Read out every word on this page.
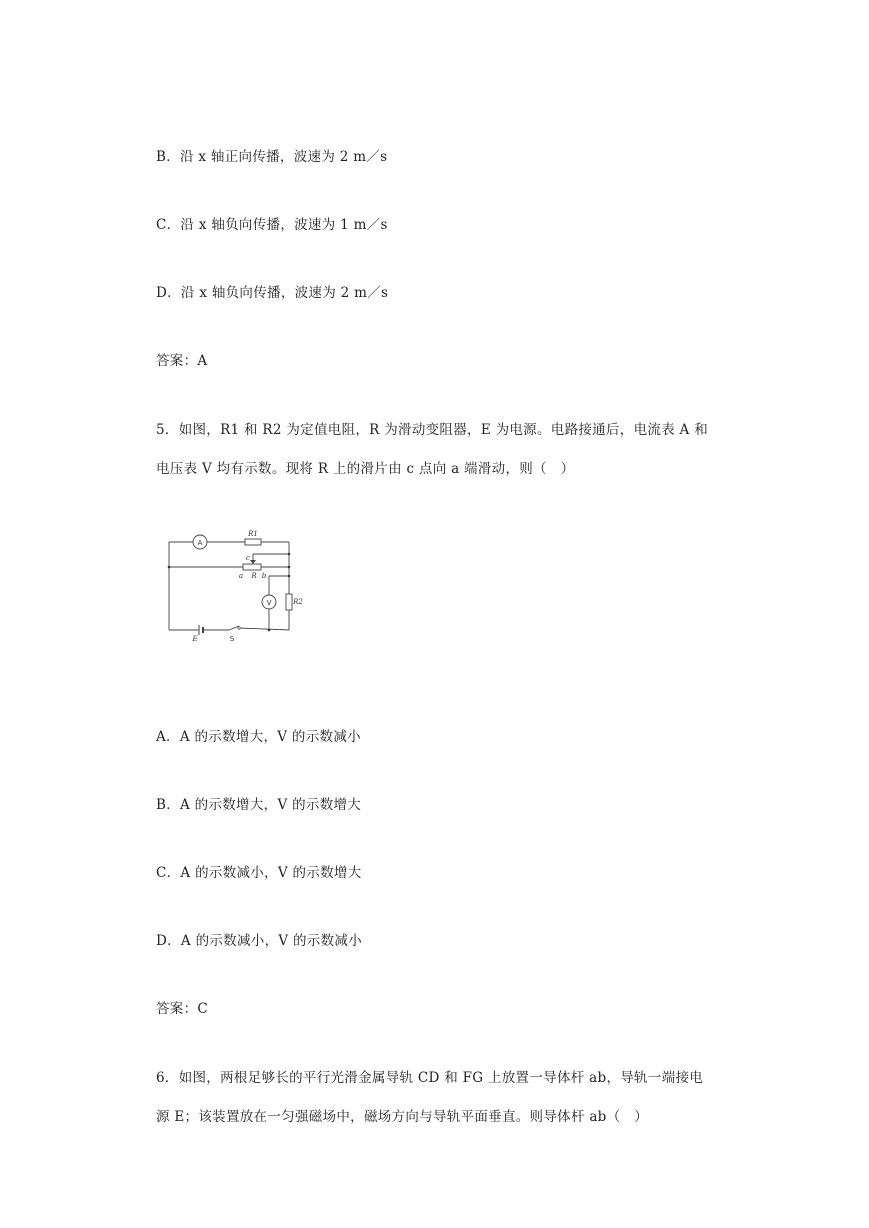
B．沿 x 轴正向传播，波速为 2 m／s
C．沿 x 轴负向传播，波速为 1 m／s
D．沿 x 轴负向传播，波速为 2 m／s
答案：A
5．如图，R1 和 R2 为定值电阻，R 为滑动变阻器，E 为电源。电路接通后，电流表 A 和
电压表 V 均有示数。现将 R 上的滑片由 c 点向 a 端滑动，则（　）
A
V
R1
R2
R
a	b
c
E	S
A．A 的示数增大，V 的示数减小
B．A 的示数增大，V 的示数增大
C．A 的示数减小，V 的示数增大
D．A 的示数减小，V 的示数减小
答案：C
6．如图，两根足够长的平行光滑金属导轨 CD 和 FG 上放置一导体杆 ab，导轨一端接电
源 E；该装置放在一匀强磁场中，磁场方向与导轨平面垂直。则导体杆 ab（　）
